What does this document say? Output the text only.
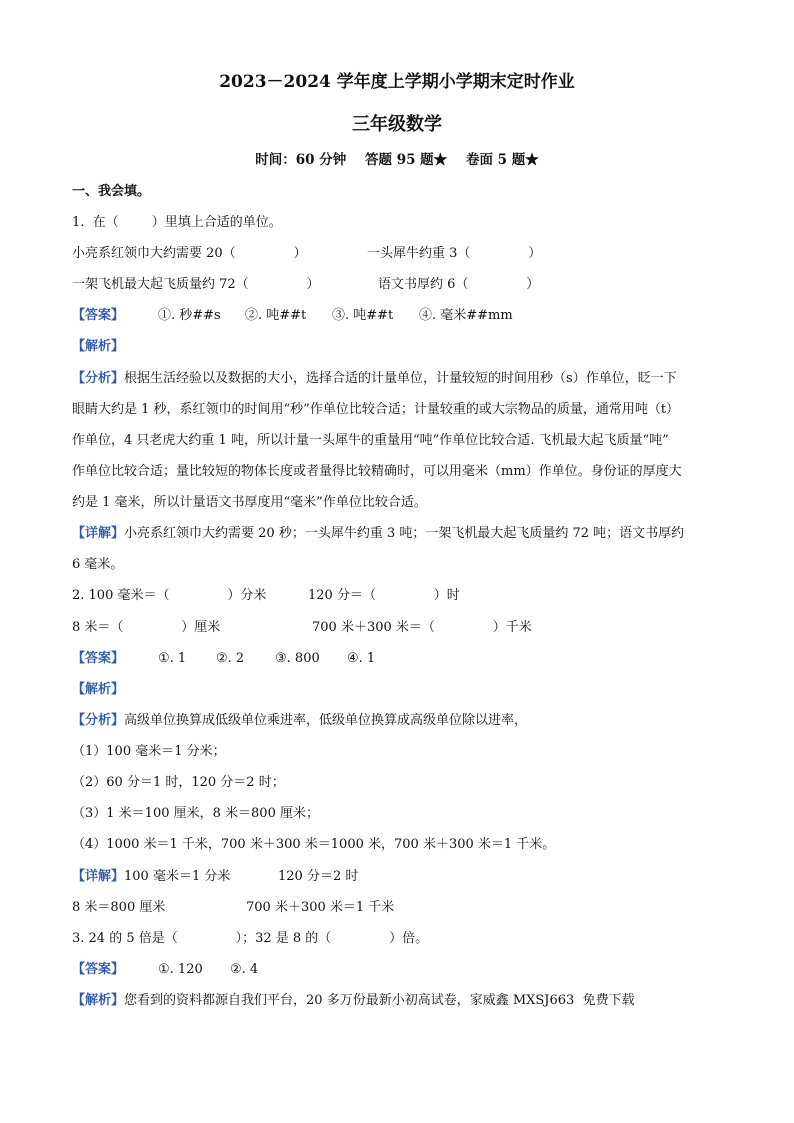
2023－2024 学年度上学期小学期末定时作业
三年级数学
时间：60 分钟    答题 95 题★    卷面 5 题★
一、我会填。
1.  在（        ）里填上合适的单位。
小亮系红领巾大约需要 20（              ）	一头犀牛约重 3（              ）
一架飞机最大起飞质量约 72（              ）	语文书厚约 6（              ）
【答案】	①. 秒##s ②. 吨##t ③. 吨##t ④. 毫米##mm
【解析】
【分析】根据生活经验以及数据的大小，选择合适的计量单位，计量较短的时间用秒（s）作单位，眨一下
眼睛大约是 1 秒，系红领巾的时间用“秒”作单位比较合适；计量较重的或大宗物品的质量，通常用吨（t）
作单位，4 只老虎大约重 1 吨，所以计量一头犀牛的重量用“吨”作单位比较合适. 飞机最大起飞质量“吨”
作单位比较合适；量比较短的物体长度或者量得比较精确时，可以用毫米（mm）作单位。身份证的厚度大
约是 1 毫米，所以计量语文书厚度用“毫米”作单位比较合适。
【详解】小亮系红领巾大约需要 20 秒；一头犀牛约重 3 吨；一架飞机最大起飞质量约 72 吨；语文书厚约
6 毫米。
2. 100 毫米＝（              ）分米	120 分＝（              ）时
8 米＝（              ）厘米	700 米＋300 米＝（              ）千米
【答案】	①. 1 ②. 2 ③. 800 ④. 1
【解析】
【分析】高级单位换算成低级单位乘进率，低级单位换算成高级单位除以进率，
（1）100 毫米＝1 分米；
（2）60 分＝1 时，120 分＝2 时；
（3）1 米＝100 厘米，8 米＝800 厘米；
（4）1000 米＝1 千米，700 米＋300 米＝1000 米，700 米＋300 米＝1 千米。
【详解】100 毫米＝1 分米	120 分＝2 时
8 米＝800 厘米	700 米＋300 米＝1 千米
3. 24 的 5 倍是（              ）；32 是 8 的（              ）倍。
【答案】	①. 120 ②. 4
【解析】您看到的资料都源自我们平台，20 多万份最新小初高试卷，家威鑫 MXSJ663  免费下载
